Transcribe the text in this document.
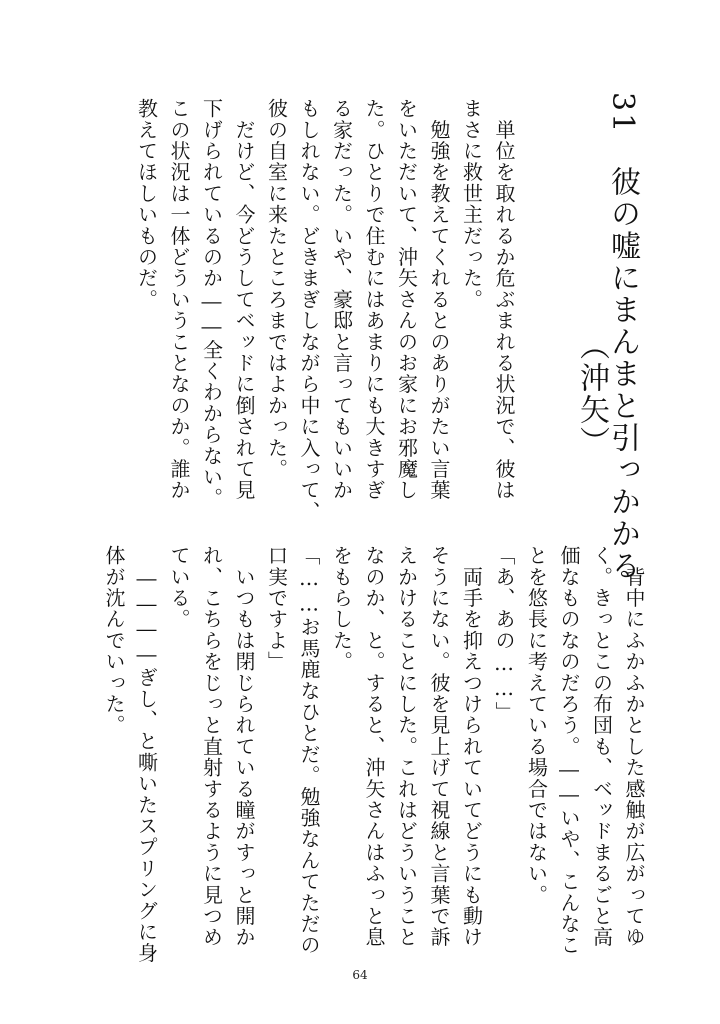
31　彼の嘘にまんまと引っかかる
（沖矢）
　単位を取れるか危ぶまれる状況で、彼は
まさに救世主だった。
　勉強を教えてくれるとのありがたい言葉
をいただいて、沖矢さんのお家にお邪魔し
た。ひとりで住むにはあまりにも大きすぎ
る家だった。いや、豪邸と言ってもいいか
もしれない。どきまぎしながら中に入って、
彼の自室に来たところまではよかった。
　だけど、今どうしてベッドに倒されて見
下げられているのか――全くわからない。
この状況は一体どういうことなのか。誰か
教えてほしいものだ。
　背中にふかふかとした感触が広がってゆ
く。きっとこの布団も、ベッドまるごと高
価なものなのだろう。――いや、こんなこ
とを悠長に考えている場合ではない。
「あ、あの……」
　両手を抑えつけられていてどうにも動け
そうにない。彼を見上げて視線と言葉で訴
えかけることにした。これはどういうこと
なのか、と。すると、沖矢さんはふっと息
をもらした。
「……お馬鹿なひとだ。勉強なんてただの
口実ですよ」
　いつもは閉じられている瞳がすっと開か
れ、こちらをじっと直射するように見つめ
ている。
　――――ぎし、と嘶いたスプリングに身
体が沈んでいった。
64
